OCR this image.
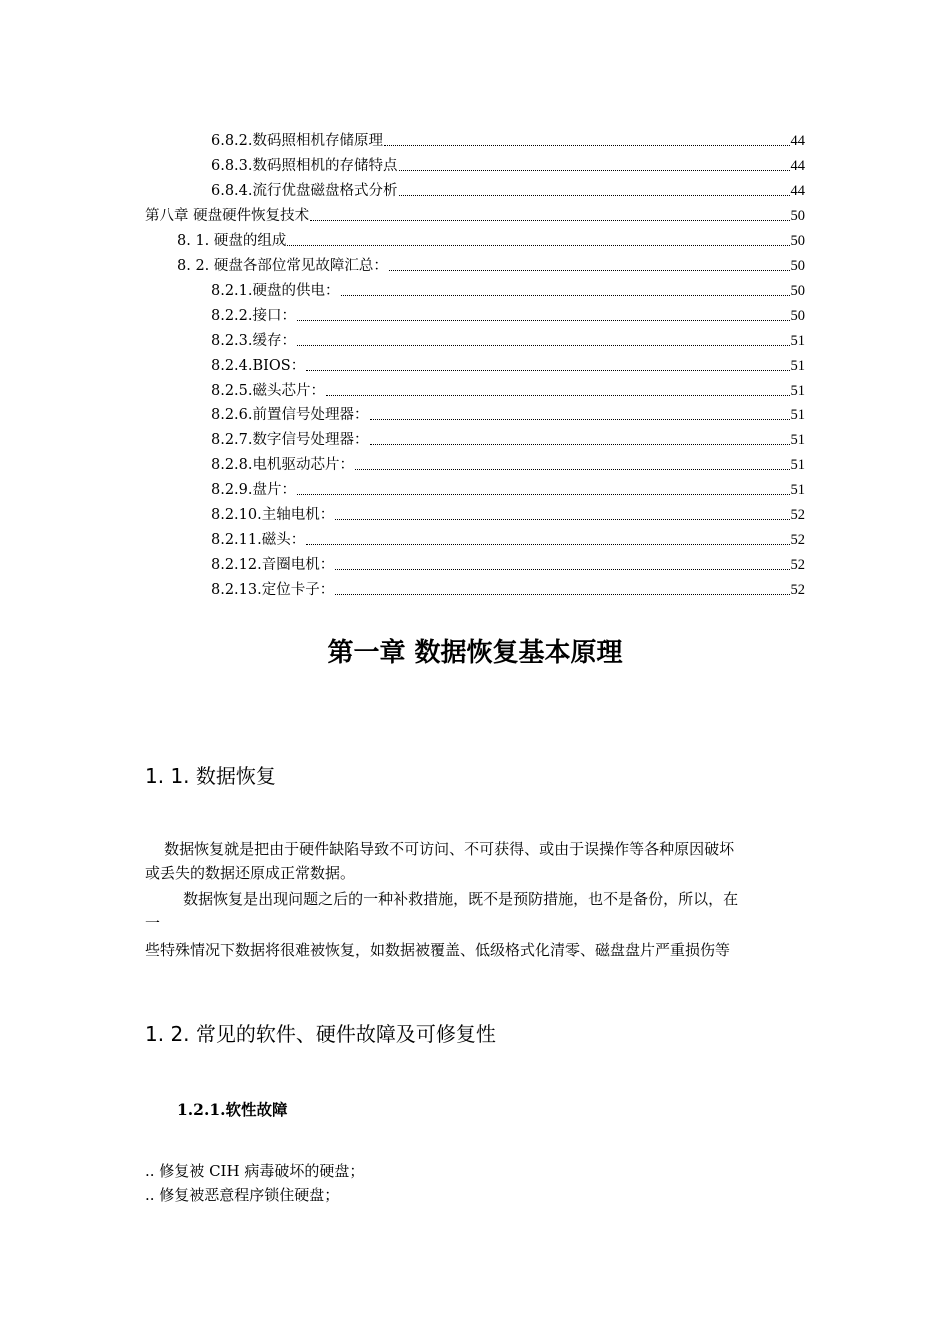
6.8.2.数码照相机存储原理	44
6.8.3.数码照相机的存储特点	44
6.8.4.流行优盘磁盘格式分析	44
第八章 硬盘硬件恢复技术	50
8. 1. 硬盘的组成	50
8. 2. 硬盘各部位常见故障汇总：	50
8.2.1.硬盘的供电：	50
8.2.2.接口：	50
8.2.3.缓存：	51
8.2.4.BIOS：	51
8.2.5.磁头芯片：	51
8.2.6.前置信号处理器：	51
8.2.7.数字信号处理器：	51
8.2.8.电机驱动芯片：	51
8.2.9.盘片：	51
8.2.10.主轴电机：	52
8.2.11.磁头：	52
8.2.12.音圈电机：	52
8.2.13.定位卡子：	52
第一章 数据恢复基本原理
1. 1. 数据恢复
数据恢复就是把由于硬件缺陷导致不可访问、不可获得、或由于误操作等各种原因破坏
或丢失的数据还原成正常数据。
数据恢复是出现问题之后的一种补救措施，既不是预防措施，也不是备份，所以，在
一
些特殊情况下数据将很难被恢复，如数据被覆盖、低级格式化清零、磁盘盘片严重损伤等
1. 2. 常见的软件、硬件故障及可修复性
1.2.1.软性故障
.. 修复被 CIH 病毒破坏的硬盘；
.. 修复被恶意程序锁住硬盘；
